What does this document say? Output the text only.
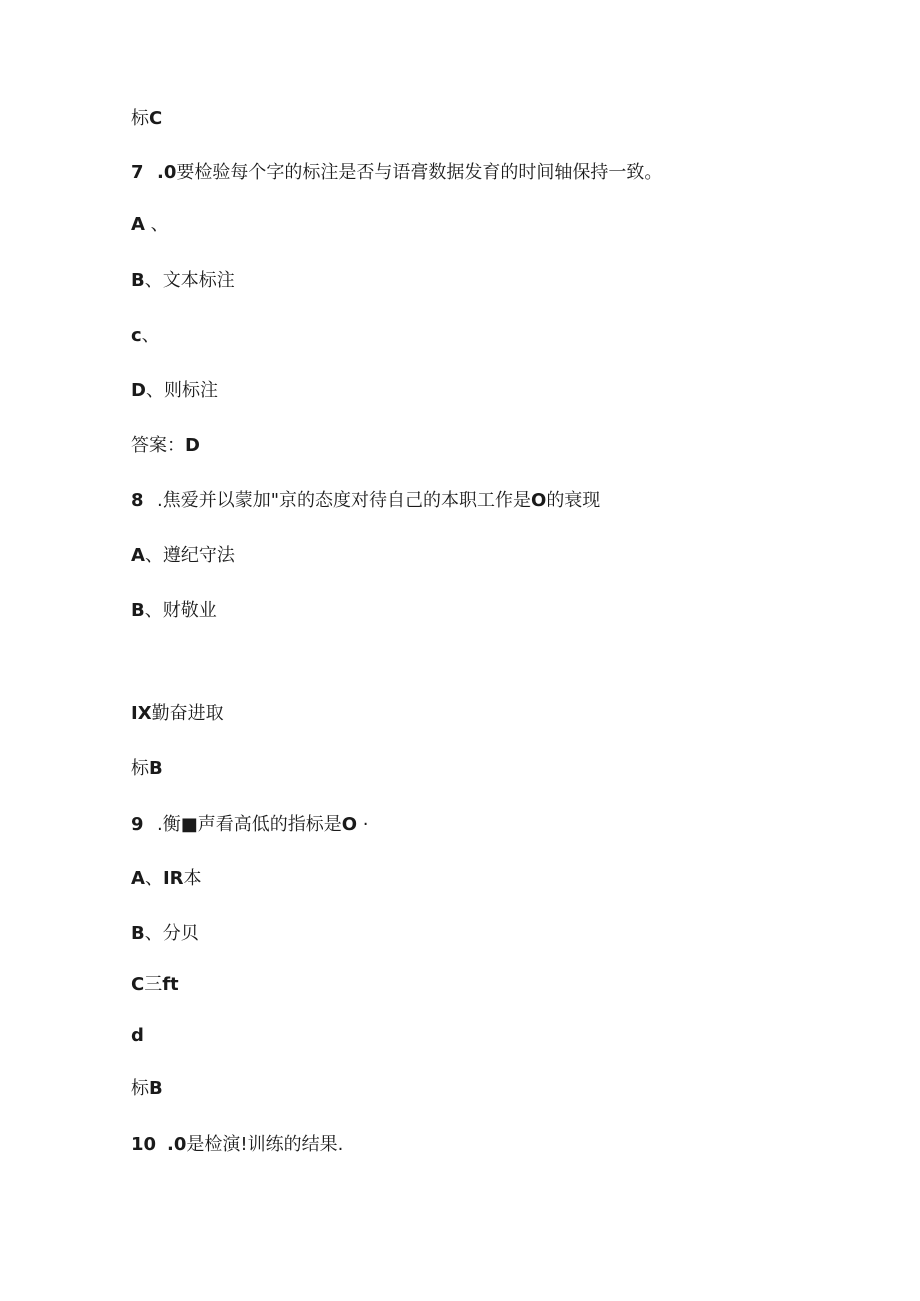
标C
7 .0要检验每个字的标注是否与语膏数据发育的时间轴保持一致。
A 、
B、文本标注
c、
D、则标注
答案：D
8 .焦爱并以蒙加"京的态度对待自己的本职工作是O的衰现
A、遵纪守法
B、财敬业
IX勤奋进取
标B
9 .衡■声看高低的指标是O ·
A、IR本
B、分贝
C三ft
d
标B
10 .0是检演!训练的结果.
